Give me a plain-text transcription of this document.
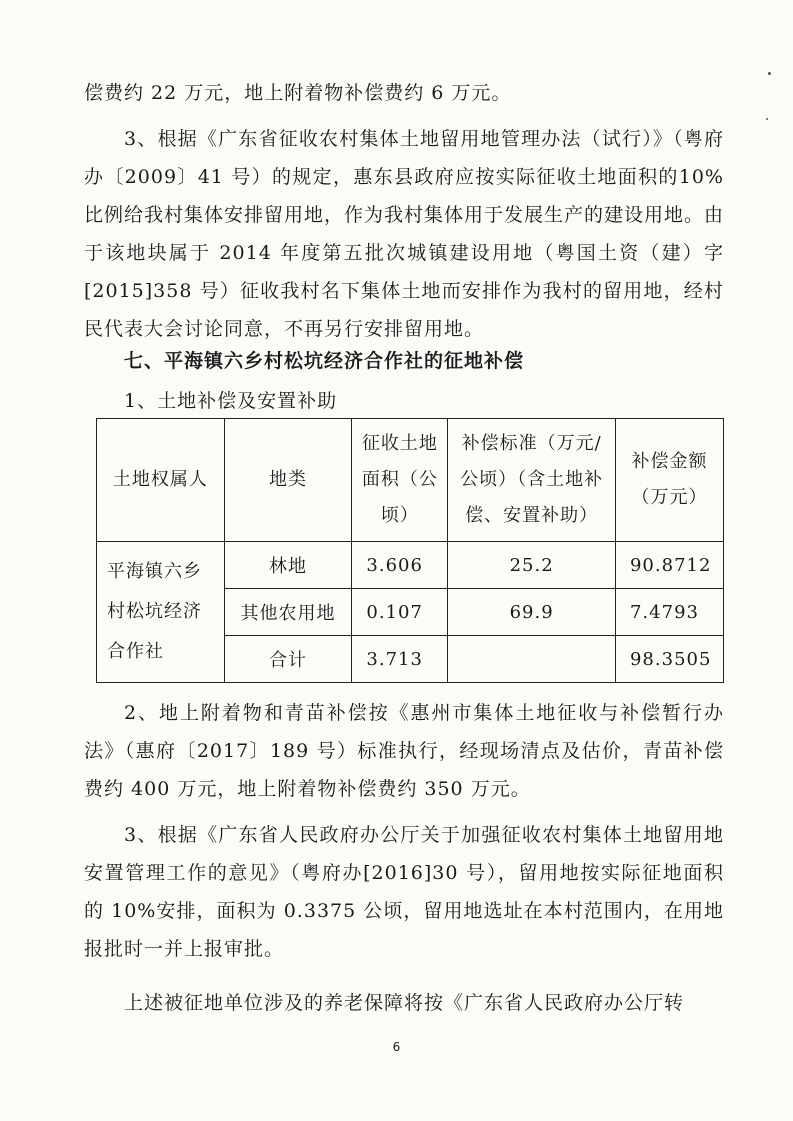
偿费约 22 万元，地上附着物补偿费约 6 万元。

3、根据《广东省征收农村集体土地留用地管理办法（试行）》（粤府办〔2009〕41 号）的规定，惠东县政府应按实际征收土地面积的10%比例给我村集体安排留用地，作为我村集体用于发展生产的建设用地。由于该地块属于 2014 年度第五批次城镇建设用地（粤国土资（建）字[2015]358 号）征收我村名下集体土地而安排作为我村的留用地，经村民代表大会讨论同意，不再另行安排留用地。

七、平海镇六乡村松坑经济合作社的征地补偿

1、土地补偿及安置补助

土地权属人	地类	征收土地面积（公顷）	补偿标准（万元/公顷）（含土地补偿、安置补助）	补偿金额（万元）
平海镇六乡村松坑经济合作社	林地	3.606	25.2	90.8712
	其他农用地	0.107	69.9	7.4793
	合计	3.713		98.3505

2、地上附着物和青苗补偿按《惠州市集体土地征收与补偿暂行办法》（惠府〔2017〕189 号）标准执行，经现场清点及估价，青苗补偿费约 400 万元，地上附着物补偿费约 350 万元。

3、根据《广东省人民政府办公厅关于加强征收农村集体土地留用地安置管理工作的意见》（粤府办[2016]30 号），留用地按实际征地面积的 10%安排，面积为 0.3375 公顷，留用地选址在本村范围内，在用地报批时一并上报审批。

上述被征地单位涉及的养老保障将按《广东省人民政府办公厅转

6
